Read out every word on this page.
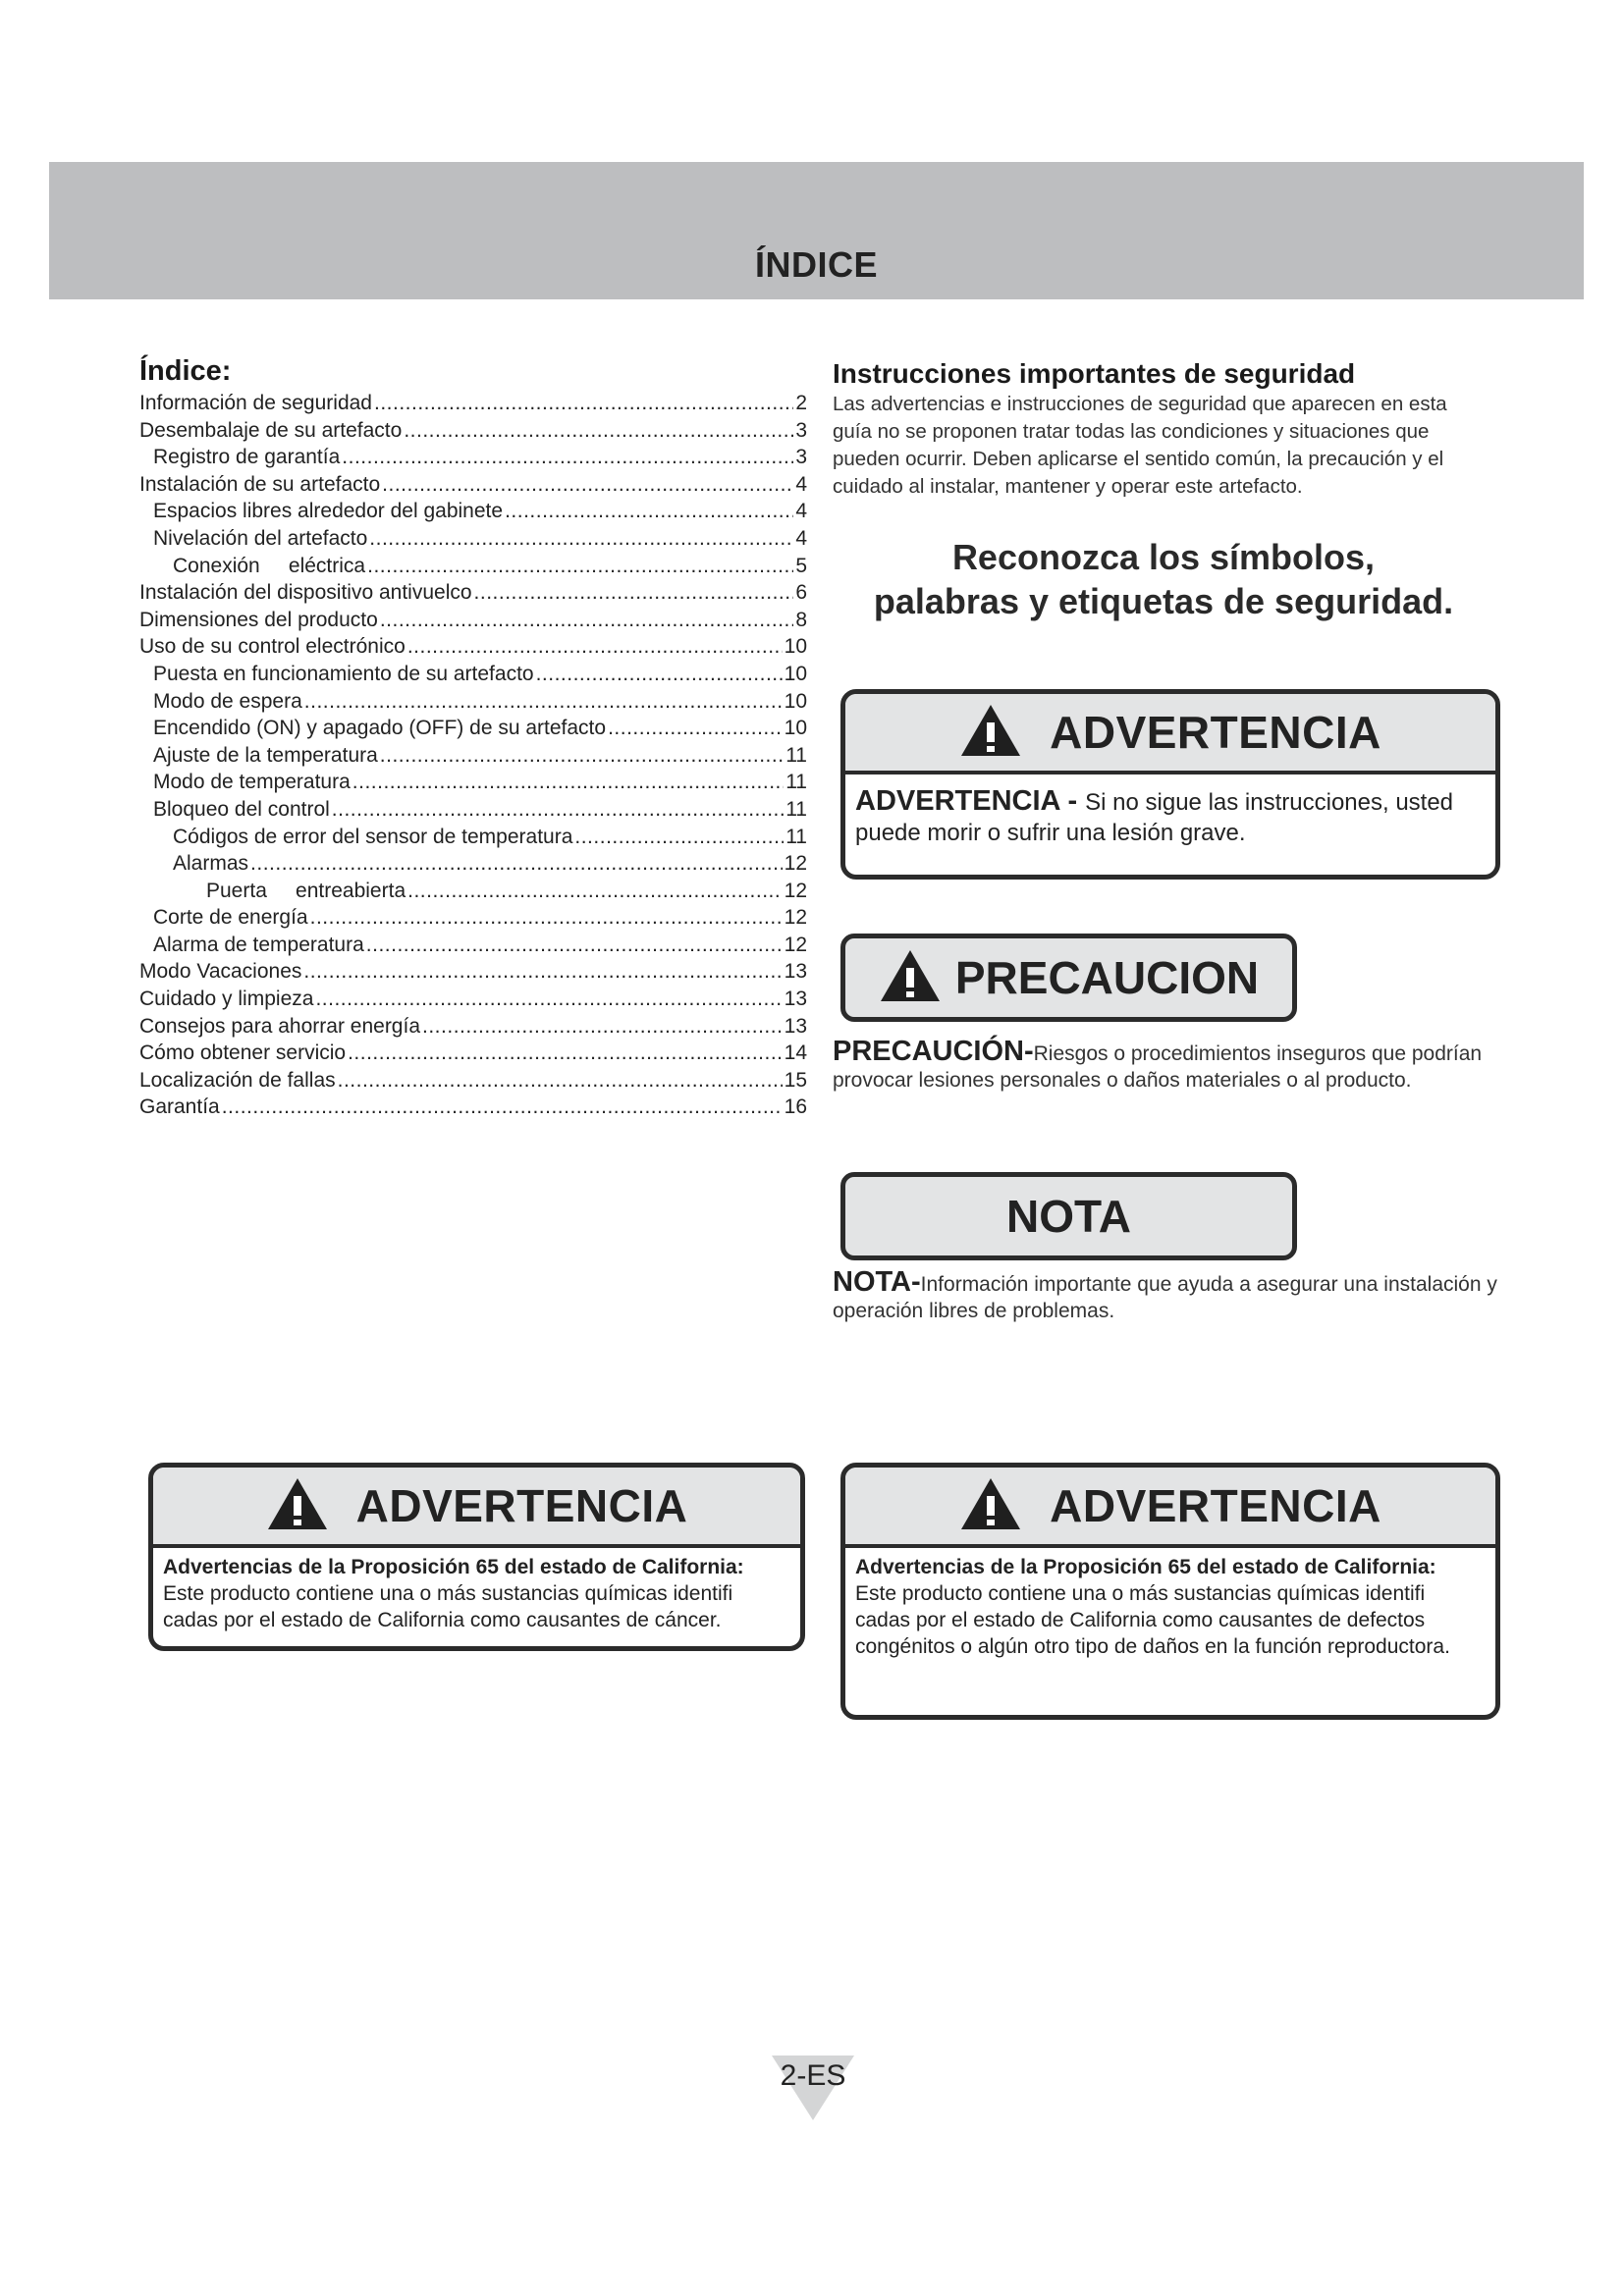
ÍNDICE
Índice:
Información de seguridad .....	2
Desembalaje de su artefacto .....	3
Registro de garantía .....	3
Instalación de su artefacto .....	4
Espacios libres alrededor del gabinete .....	4
Nivelación del artefacto .....	4
Conexión     eléctrica .....	5
Instalación del dispositivo antivuelco .....	6
Dimensiones del producto .....	8
Uso de su control electrónico .....	10
Puesta en funcionamiento de su artefacto .....	10
Modo de espera .....	10
Encendido (ON) y apagado (OFF) de su artefacto .....	10
Ajuste de la temperatura .....	11
Modo de temperatura .....	11
Bloqueo del control .....	11
Códigos de error del sensor de temperatura .....	11
Alarmas .....	12
Puerta     entreabierta .....	12
Corte de energía .....	12
Alarma de temperatura .....	12
Modo Vacaciones .....	13
Cuidado y limpieza .....	13
Consejos para ahorrar energía .....	13
Cómo obtener servicio .....	14
Localización de fallas .....	15
Garantía .....	16
Instrucciones importantes de seguridad
Las advertencias e instrucciones de seguridad que aparecen en esta guía no se proponen tratar todas las condiciones y situaciones que pueden ocurrir. Deben aplicarse el sentido común, la precaución y el cuidado al instalar, mantener y operar este artefacto.
Reconozca los símbolos,
palabras y etiquetas de seguridad.
ADVERTENCIA
ADVERTENCIA - Si no sigue las instrucciones, usted puede morir o sufrir una lesión grave.
PRECAUCION
PRECAUCIÓN-Riesgos o procedimientos inseguros que podrían provocar lesiones personales o daños materiales o al producto.
NOTA
NOTA-Información importante que ayuda a asegurar una instalación y operación libres de problemas.
ADVERTENCIA
Advertencias de la Proposición 65 del estado de California:
Este producto contiene una o más sustancias químicas identifi cadas por el estado de California como causantes de cáncer.
ADVERTENCIA
Advertencias de la Proposición 65 del estado de California:
Este producto contiene una o más sustancias químicas identifi cadas por el estado de California como causantes de defectos congénitos o algún otro tipo de daños en la función reproductora.
2-ES
